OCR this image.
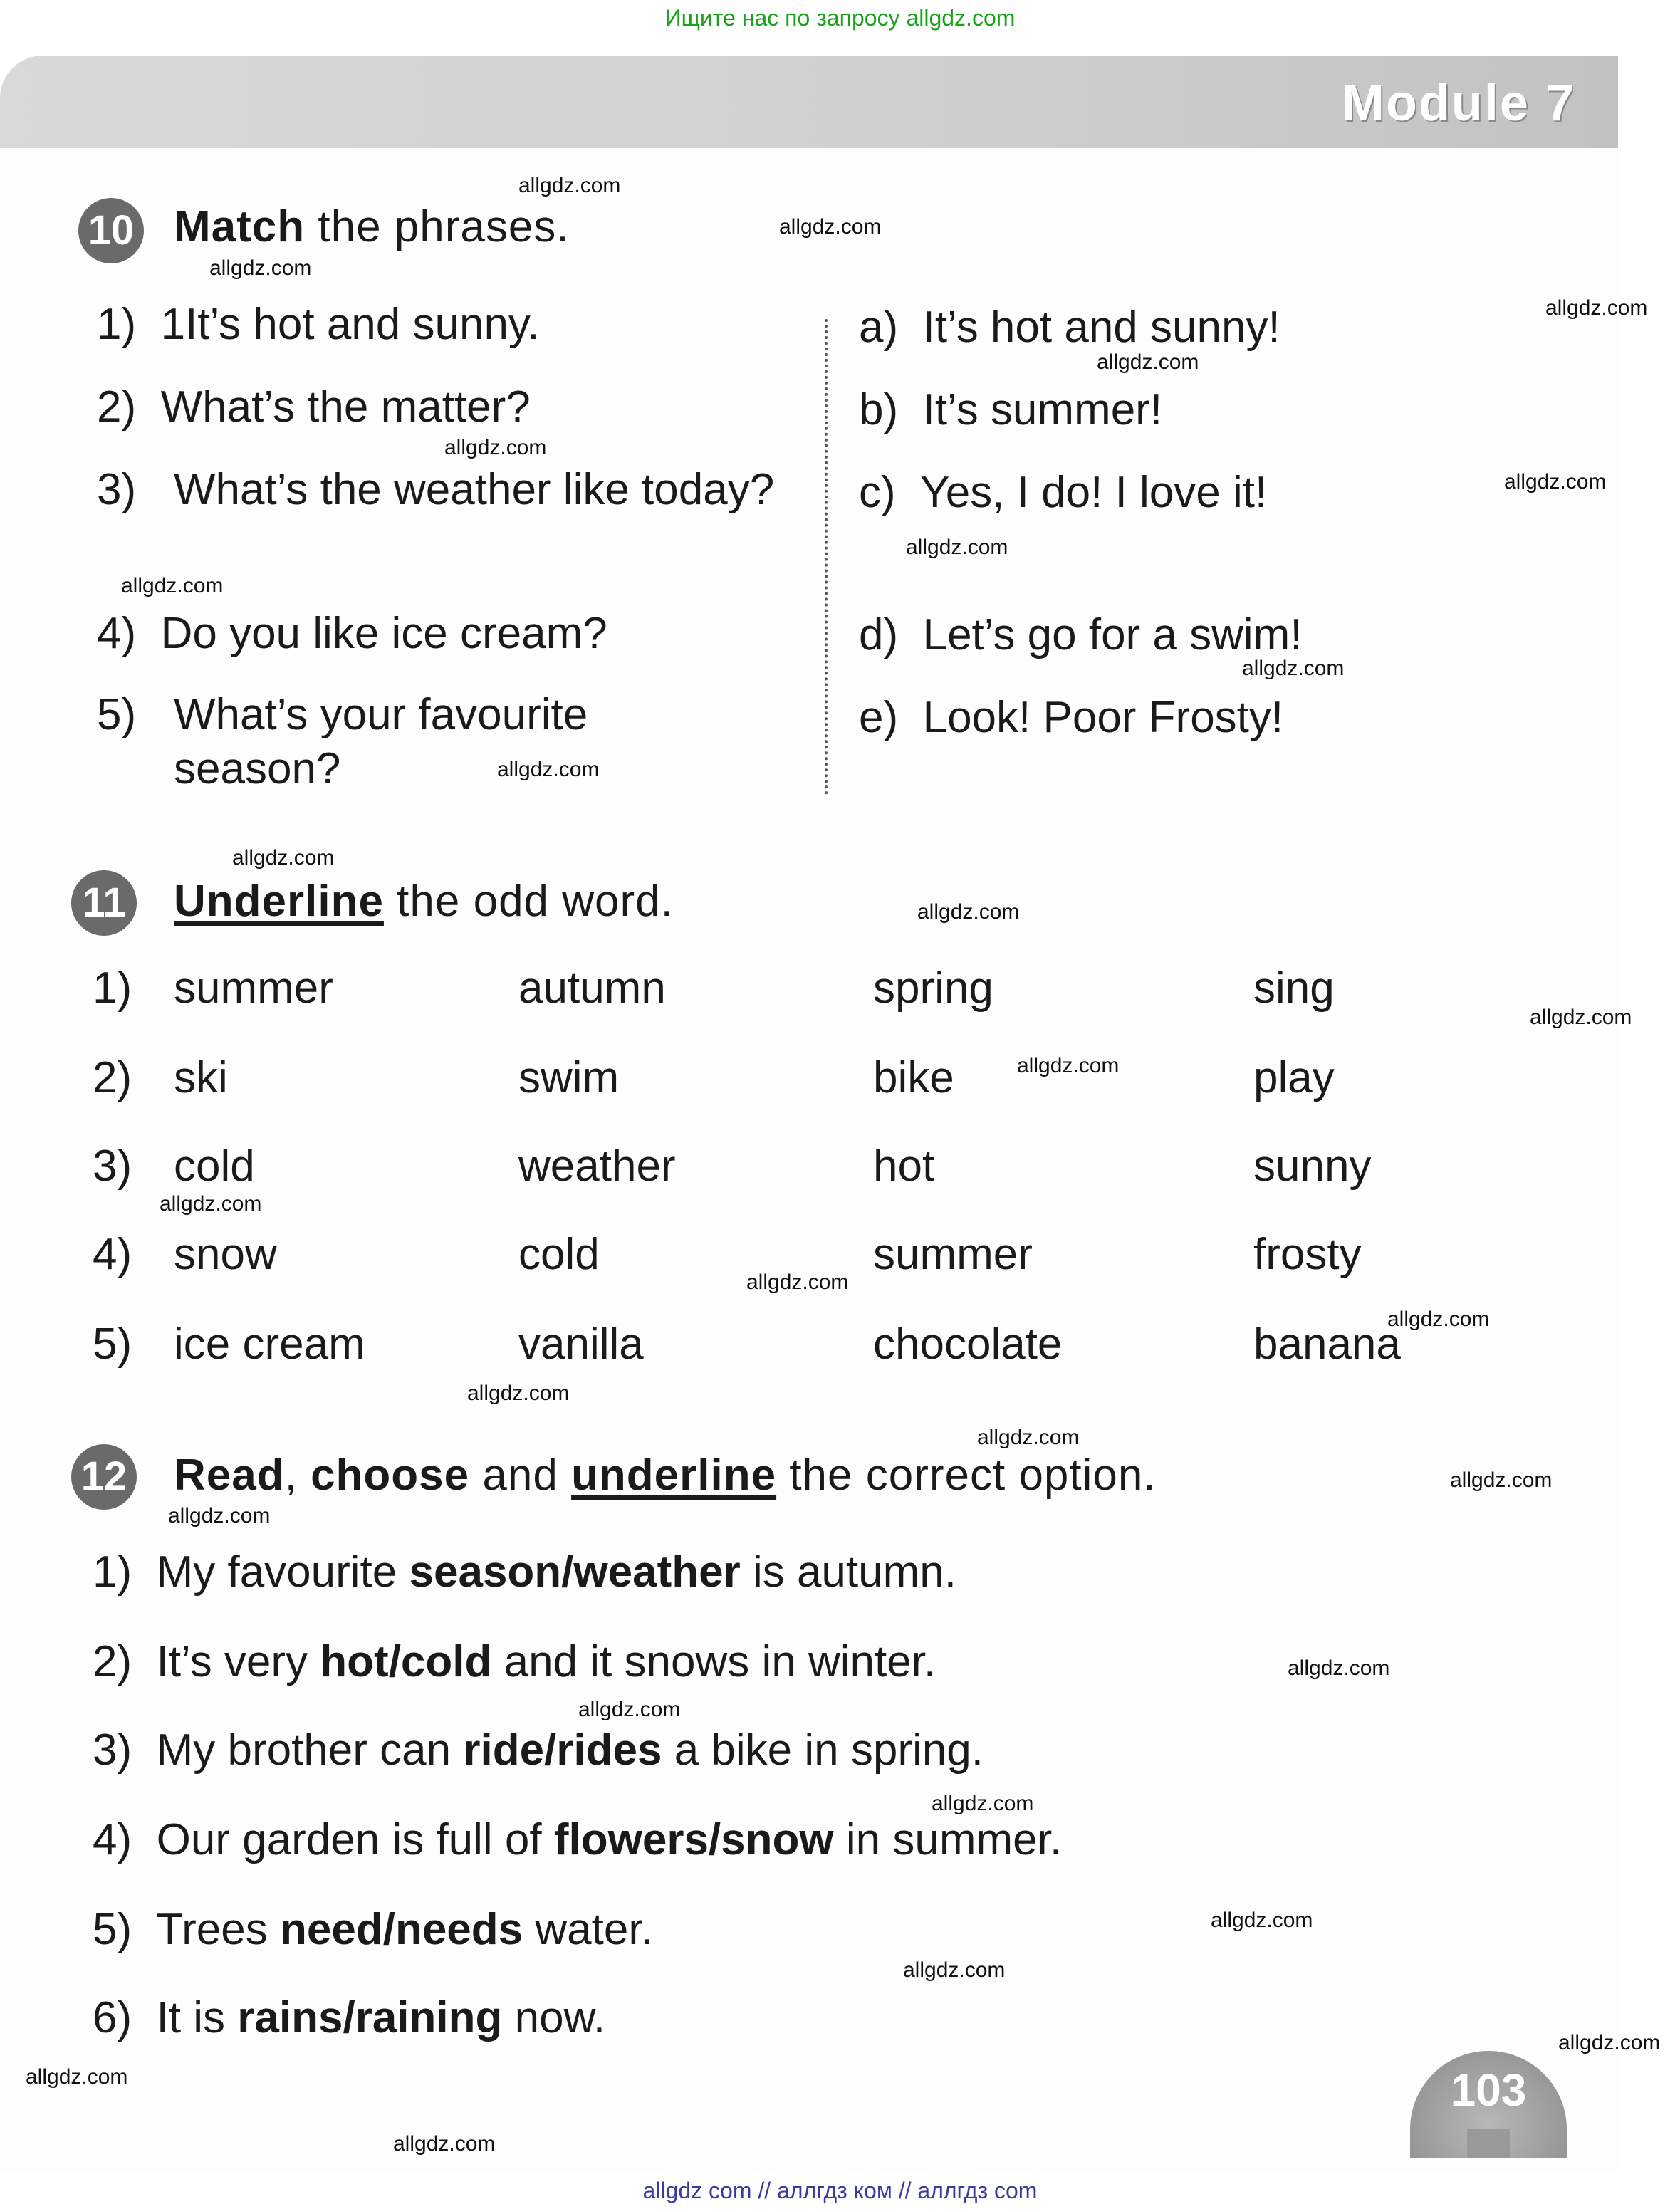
Ищите нас по запросу allgdz.com
Module 7
10 Match the phrases.
1) 1It’s hot and sunny.
2) What’s the matter?
3) What’s the weather like today?
4) Do you like ice cream?
5) What’s your favourite season?
a) It’s hot and sunny!
b) It’s summer!
c) Yes, I do! I love it!
d) Let’s go for a swim!
e) Look! Poor Frosty!
11 Underline the odd word.
1) summer	autumn	spring	sing
2) ski	swim	bike	play
3) cold	weather	hot	sunny
4) snow	cold	summer	frosty
5) ice cream	vanilla	chocolate	banana
12 Read, choose and underline the correct option.
1) My favourite season/weather is autumn.
2) It’s very hot/cold and it snows in winter.
3) My brother can ride/rides a bike in spring.
4) Our garden is full of flowers/snow in summer.
5) Trees need/needs water.
6) It is rains/raining now.
103
allgdz.com
allgdz.com
allgdz.com
allgdz.com
allgdz.com
allgdz.com
allgdz.com
allgdz.com
allgdz.com
allgdz.com
allgdz.com
allgdz.com
allgdz.com
allgdz.com
allgdz.com
allgdz.com
allgdz.com
allgdz.com
allgdz.com
allgdz.com
allgdz.com
allgdz.com
allgdz.com
allgdz.com
allgdz.com
allgdz.com
allgdz.com
allgdz.com
allgdz.com
allgdz.com
allgdz com // аллгдз ком // аллгдз сom
